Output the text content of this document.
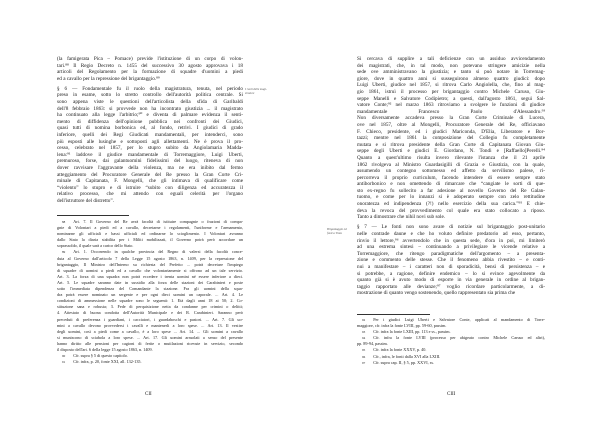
I ruoli delle magi-
strature
(la famigerata Pica – Pomace) previde l'istituzione di un corpo di volon-
tari.⁸⁸ Il Regio Decreto n. 1455 del successivo 30 agosto approvava i 18
articoli del Regolamento per la formazione di squadre d'uomini a piedi
ed a cavallo per la repressione del brigantaggio.⁸⁹
§ 6 — Fondamentale fu il ruolo della magistratura, tenuta, nel periodo
preso in esame, sotto lo stretto controllo dell'autorità politica centrale. Si
sono appena viste le questioni dell'articolista della sfida di Garibaldi
dell'8 febbraio 1863: si provvede non ha incontrato giustizia ... il magistrato
ha continuato alla legge l'arbitrio;⁹⁰ e diventa di palmare evidenza il senti-
mento di diffidenza dell'opinione pubblica nei confronti dei Giudici,
quasi tutti di nomina borbonica ed, al fondo, retrivi. I giudici di grado
inferiore, quelli dei Regi Giudicati mandamentali, per intenderci, sono
più esposti alle lusinghe e sottoposti agli allettamenti. Ne è prova il pro-
cesso, celebrato nel 1857, per lo stupro subito da Angiolamaria Madda-
lena:⁹¹ laddove il giudice mandamentale di Torremaggiore, Luigi Uberti,
premuroso, forse, dai galantuomini fidelissimi del luogo, riteneva di non
dover ravvisare l'aggravante della violenza, ma ne era inibito dal fermo
atteggiamento del Procuratore Generale del Re presso la Gran Corte Cri-
minale di Capitanata, F. Mongelli, che gli intimava di qualificare come
“violento” lo stupro e di istruire “subito con diligenza ed accuratezza il
relativo processo, che mi attendo con eguali celerità per l'organo
dell'istruttore del distretto”.
$^{88}$ Art. 7. Il Governo del Re avrà facoltà di istituire compagnie o frazioni di compa-
gnie di Volontari a piedi ed a cavallo, decretarne i regolamenti, l'uniforme e l'armamento,
nominarne gli ufficiali e bassi ufficiali ed ordinarne lo scioglimento. I Volontari avranno
dallo Stato la diaria stabilita per i Militi mobilizzati, il Governo potrà però accordare un
soprassoldo, il quale sarà a carico dello Stato.
$^{89}$ Art. 1. Occorrendo in qualche provincia del Regno di valersi della facoltà conce-
duta al Governo dall'articolo 7 della Legge 15 agosto 1863, n. 1409, per la repressione del
brigantaggio, Il Ministro dell'Interno su richiesta del Prefetto ... potrà decretare l'impiego
di squadre di uomini a piedi ed a cavallo che volontariamente si offrono ad un tale servizio.
Art. 3. La forza di una squadra non potrà eccedere i trenta uomini né essere inferiore a dieci.
Art. 5. Le squadre saranno date in sussidio alla forza delle stazioni dei Carabinieri e poste
sotto l'immediata dipendenza del Comandante la stazione. Fra gli uomini della squa-
dra potrà essere nominato un sergente e per ogni dieci uomini un caporale. ... Art. 4. Le
condizioni di ammessione nelle squadre sono le seguenti: 1. Età dagli anni 18 ai 50; 2. Co-
stituzione sana e robusta; 3. Fede di perquisizione netta da condanne per crimini o delitti;
4. Attestato di buona condotta dell'Autorità Municipale e dei R. Carabinieri. Saranno però
preceduti di preferenza i guardiani, i cacciatori, i guardaboschi e pastori. ... Art. 7. Gli uo-
mini a cavallo devono provvedersi i cavalli e mantenerli a loro spese. ... Art. 13. Il vestire
degli uomini, così a piedi come a cavallo, è a loro spese ... Art. 14. ... Gli uomini a cavallo
si muniscono di sciabola a loro spese. ... Art. 17. Gli uomini arruolati a senso del presente
hanno diritto alle pensioni per cagioni di ferite o mutilazioni ricevute in servizio, secondo
il disposto dell'art. 6 della legge 15 agosto 1863, n. 1409.
$^{90}$ Cfr. supra § 5 di questo capitolo.
$^{91}$ Cfr. infra, p. 20, fonte XXI, all. 132-135.
CII
Brigantaggio ed
fonti a Troia
Si cercava di supplire a tali deficienze con un assiduo avvicendamento
dei magistrati, che, in tal modo, non potevano stringere amicizie nella
sede ove amministravano la giustizia; e tanto si può notare in Torremag-
giore, dove in quattro anni si susseguirono almeno quattro giudici: dopo
Luigi Uberti, giudice nel 1857, si ritrova Carlo Angiolella, che, fino al mag-
gio 1861, istruì il processo per brigantaggio contro Michele Caruso, Giu-
seppe Manelli e Salvatore Codipietro; a questi, dall'agosto 1861, seguì Sal-
vatore Conte;⁹² nel marzo 1863 ritroviamo a svolgere le funzioni di giudice
mandamentale Francesco Paolo d'Alessandro.⁹³
Non diversamente accadeva presso la Gran Corte Criminale di Lucera,
ove nel 1857, oltre al Mongelli, Procuratore Generale del Re, officiavano
F. Chieco, presidente, ed i giudici Mariconda, D'Elia, Liberatore e Bor-
tazzi; mentre nel 1861 la composizione del Collegio fu completamente
mutata e si ritrova presidente della Gran Corte di Capitanata Giovan Giu-
seppe degli Uberti e giudici E. Giordano, N. Tondi e [Raffaello]Perelli.⁹⁴
Quanto a quest'ultimo risulta invero rilevante l'istanza che il 21 aprile
1862 rivolgeva al Ministro Guardasigilli di Grazia e Giustizia, con la quale,
assumendo un contegno sottomesso ed affetto da servilismo palese, ri-
percorreva il proprio curriculum, facendo intendere di essere sempre stato
antiborbonico e non omettendo di rimarcare che “cangiate le sorti di que-
sto ex-regno fu sollecito a far adesione al novello Governo del Re Galan-
tuomo, e come per lo innanzi si è adoperato sempre con zelo rettitudine
onoratezza ed indipendenza (?!) nello esercizio della sua carica.”⁹⁵ E chie-
deva la revoca del provvedimento col quale era stato collocato a riposo.
Tanto a dimostrare che nihil novi sub sole.
§ 7 — Le fonti non sono avare di notizie sul brigantaggio post-unitario
nelle contrade daune e che ho voluto definire predatorio ad esso, pertanto,
rinvio il lettore,⁹⁶ avvertendolo che in questa sede, d'ora in poi, mi limiterò
ad una estrema sintesi – continuando a privilegiare le vicende relative a
Torremaggiore, che ritengo paradigmatiche dell'argomento – a presenta-
zione e commento delle stesse. Che il fenomeno abbia rivestito – e conti-
nui a manifestare – i caratteri non di sporadicità, bensì di persistenza – e
si potrebbe, a ragione, definire endemico – lo si evince agevolmente da
quanto già si è avuto modo di esporre in via generale in ordine al brigan-
taggio rapportato alle devianze;⁹⁷ voglio ricordare particolarmente, a di-
mostrazione di quanto vengo sostenendo, quello rappresentato sia prima che
$^{92}$ Per i giudici Luigi Uberti e Salvatore Conte, applicati al mandamento di Torre-
maggiore, cfr. infra la fonte LVIII, pp. 59-60, passim.
$^{93}$ Cfr. infra la fonte LXIII, pp. 113 e ss., passim.
$^{94}$ Cfr. infra la fonte LVIII (processo per abigeato contro Michele Caruso ed altri),
pp. 89-94, passim.
$^{95}$ Cfr. infra la fonte XXXV, p. 40.
$^{96}$ Cfr., infra, le fonti dalla XVI alla LXIII.
$^{97}$ Cfr. supra cap. II, § 5, pp. XXVI, ss.
CIII
